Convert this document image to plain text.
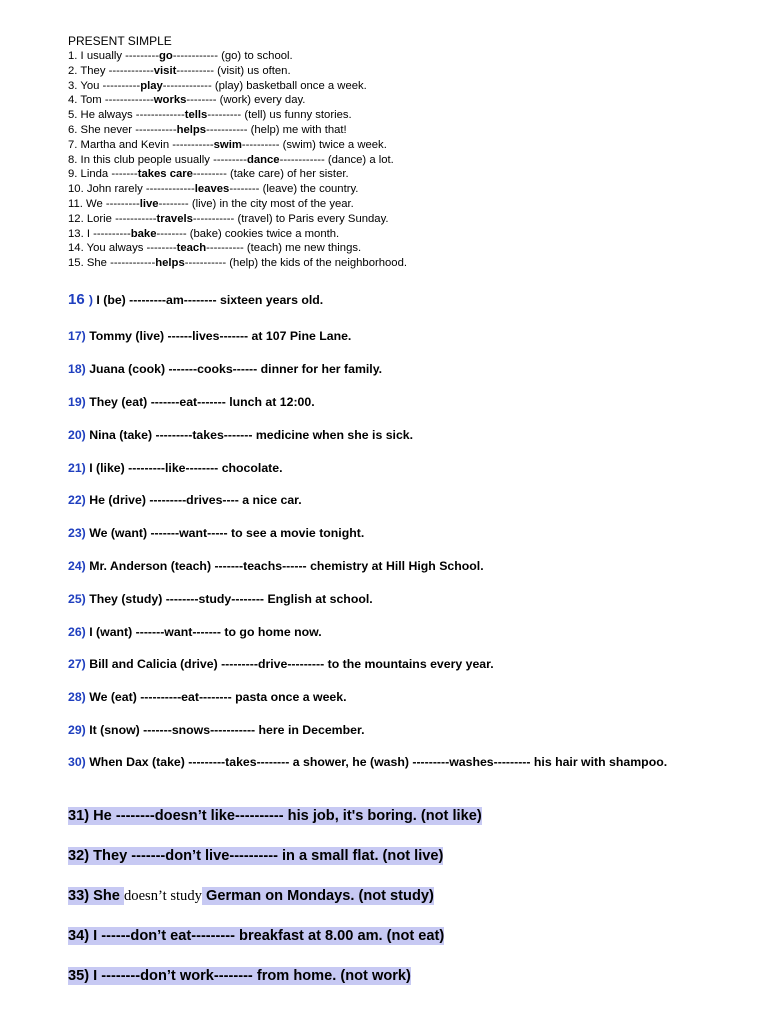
PRESENT SIMPLE
1. I usually ---------go------------ (go) to school.
2. They ------------visit---------- (visit) us often.
3. You ----------play------------- (play) basketball once a week.
4. Tom -------------works-------- (work) every day.
5. He always -------------tells--------- (tell) us funny stories.
6. She never -----------helps----------- (help) me with that!
7. Martha and Kevin -----------swim---------- (swim) twice a week.
8. In this club people usually ---------dance------------ (dance) a lot.
9. Linda -------takes care--------- (take care) of her sister.
10. John rarely -------------leaves-------- (leave) the country.
11. We ---------live-------- (live) in the city most of the year.
12. Lorie -----------travels----------- (travel) to Paris every Sunday.
13. I ----------bake-------- (bake) cookies twice a month.
14. You always --------teach---------- (teach) me new things.
15. She ------------helps----------- (help) the kids of the neighborhood.
16 ) I (be) ---------am-------- sixteen years old.
17) Tommy (live) ------lives------- at 107 Pine Lane.
18) Juana (cook) -------cooks------ dinner for her family.
19) They (eat) -------eat------- lunch at 12:00.
20) Nina (take) ---------takes------- medicine when she is sick.
21) I (like) ---------like-------- chocolate.
22) He (drive) ---------drives---- a nice car.
23) We (want) -------want----- to see a movie tonight.
24) Mr. Anderson (teach) -------teachs------ chemistry at Hill High School.
25) They (study) --------study-------- English at school.
26) I (want) -------want------- to go home now.
27) Bill and Calicia (drive) ---------drive--------- to the mountains every year.
28) We (eat) ----------eat-------- pasta once a week.
29) It (snow) -------snows----------- here in December.
30) When Dax (take) ---------takes-------- a shower, he (wash) ---------washes--------- his hair with shampoo.
31) He --------doesn’t like---------- his job, it's boring. (not like)
32) They -------don’t live---------- in a small flat. (not live)
33) She doesn’t study German on Mondays. (not study)
34) I ------don’t eat--------- breakfast at 8.00 am. (not eat)
35) I --------don’t work-------- from home. (not work)
